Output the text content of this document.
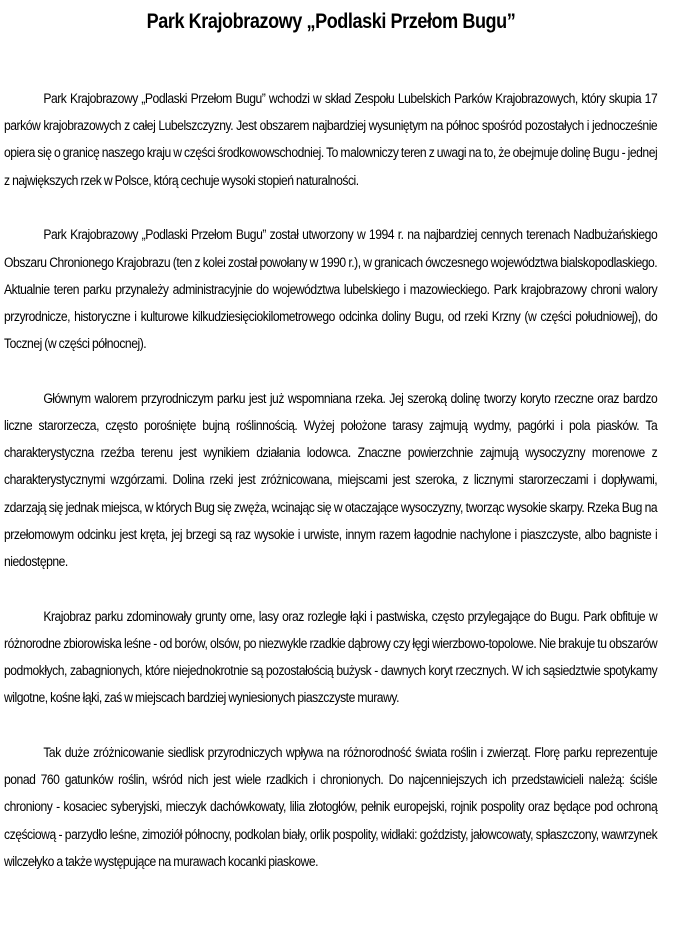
Park Krajobrazowy „Podlaski Przełom Bugu”

Park Krajobrazowy „Podlaski Przełom Bugu” wchodzi w skład Zespołu Lubelskich Parków Krajobrazowych, który skupia 17 parków krajobrazowych z całej Lubelszczyzny. Jest obszarem najbardziej wysuniętym na północ spośród pozostałych i jednocześnie opiera się o granicę naszego kraju w części środkowowschodniej. To malowniczy teren z uwagi na to, że obejmuje dolinę Bugu - jednej z największych rzek w Polsce, którą cechuje wysoki stopień naturalności.

Park Krajobrazowy „Podlaski Przełom Bugu” został utworzony w 1994 r. na najbardziej cennych terenach Nadbużańskiego Obszaru Chronionego Krajobrazu (ten z kolei został powołany w 1990 r.), w granicach ówczesnego województwa bialskopodlaskiego. Aktualnie teren parku przynależy administracyjnie do województwa lubelskiego i mazowieckiego. Park krajobrazowy chroni walory przyrodnicze, historyczne i kulturowe kilkudziesięciokilometrowego odcinka doliny Bugu, od rzeki Krzny (w części południowej), do Tocznej (w części północnej).

Głównym walorem przyrodniczym parku jest już wspomniana rzeka. Jej szeroką dolinę tworzy koryto rzeczne oraz bardzo liczne starorzecza, często porośnięte bujną roślinnością. Wyżej położone tarasy zajmują wydmy, pagórki i pola piasków. Ta charakterystyczna rzeźba terenu jest wynikiem działania lodowca. Znaczne powierzchnie zajmują wysoczyzny morenowe z charakterystycznymi wzgórzami. Dolina rzeki jest zróżnicowana, miejscami jest szeroka, z licznymi starorzeczami i dopływami, zdarzają się jednak miejsca, w których Bug się zwęża, wcinając się w otaczające wysoczyzny, tworząc wysokie skarpy. Rzeka Bug na przełomowym odcinku jest kręta, jej brzegi są raz wysokie i urwiste, innym razem łagodnie nachylone i piaszczyste, albo bagniste i niedostępne.

Krajobraz parku zdominowały grunty orne, lasy oraz rozległe łąki i pastwiska, często przylegające do Bugu. Park obfituje w różnorodne zbiorowiska leśne - od borów, olsów, po niezwykle rzadkie dąbrowy czy łęgi wierzbowo-topolowe. Nie brakuje tu obszarów podmokłych, zabagnionych, które niejednokrotnie są pozostałością bużysk - dawnych koryt rzecznych. W ich sąsiedztwie spotykamy wilgotne, kośne łąki, zaś w miejscach bardziej wyniesionych piaszczyste murawy.

Tak duże zróżnicowanie siedlisk przyrodniczych wpływa na różnorodność świata roślin i zwierząt. Florę parku reprezentuje ponad 760 gatunków roślin, wśród nich jest wiele rzadkich i chronionych. Do najcenniejszych ich przedstawicieli należą: ściśle chroniony - kosaciec syberyjski, mieczyk dachówkowaty, lilia złotogłów, pełnik europejski, rojnik pospolity oraz będące pod ochroną częściową - parzydło leśne, zimoziół północny, podkolan biały, orlik pospolity, widłaki: goździsty, jałowcowaty, spłaszczony, wawrzynek wilczełyko a także występujące na murawach kocanki piaskowe.
